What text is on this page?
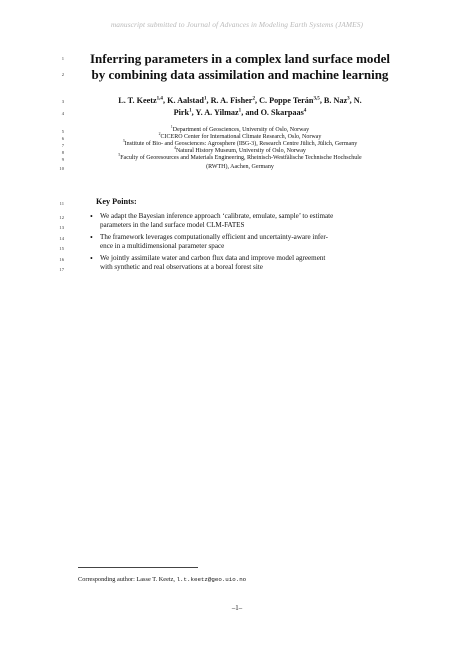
manuscript submitted to Journal of Advances in Modeling Earth Systems (JAMES)
1
2
3
4
5
6
7
8
9
10
11
12
13
14
15
16
17
Inferring parameters in a complex land surface model
by combining data assimilation and machine learning
L. T. Keetz$^{1,4}$, K. Aalstad$^1$, R. A. Fisher$^2$, C. Poppe Terán$^{3,5}$, B. Naz$^3$, N.
Pirk$^1$, Y. A. Yilmaz$^1$, and O. Skarpaas$^4$
$^1$Department of Geosciences, University of Oslo, Norway
$^2$CICERO Center for International Climate Research, Oslo, Norway
$^3$Institute of Bio- and Geosciences: Agrosphere (IBG-3), Research Centre Jülich, Jülich, Germany
$^4$Natural History Museum, University of Oslo, Norway
$^5$Faculty of Georesources and Materials Engineering, Rheinisch-Westfälische Technische Hochschule
(RWTH), Aachen, Germany
Key Points:
• We adapt the Bayesian inference approach ‘calibrate, emulate, sample’ to estimate
parameters in the land surface model CLM-FATES
• The framework leverages computationally efficient and uncertainty-aware infer-
ence in a multidimensional parameter space
• We jointly assimilate water and carbon flux data and improve model agreement
with synthetic and real observations at a boreal forest site
Corresponding author: Lasse T. Keetz, l.t.keetz@geo.uio.no
–1–
